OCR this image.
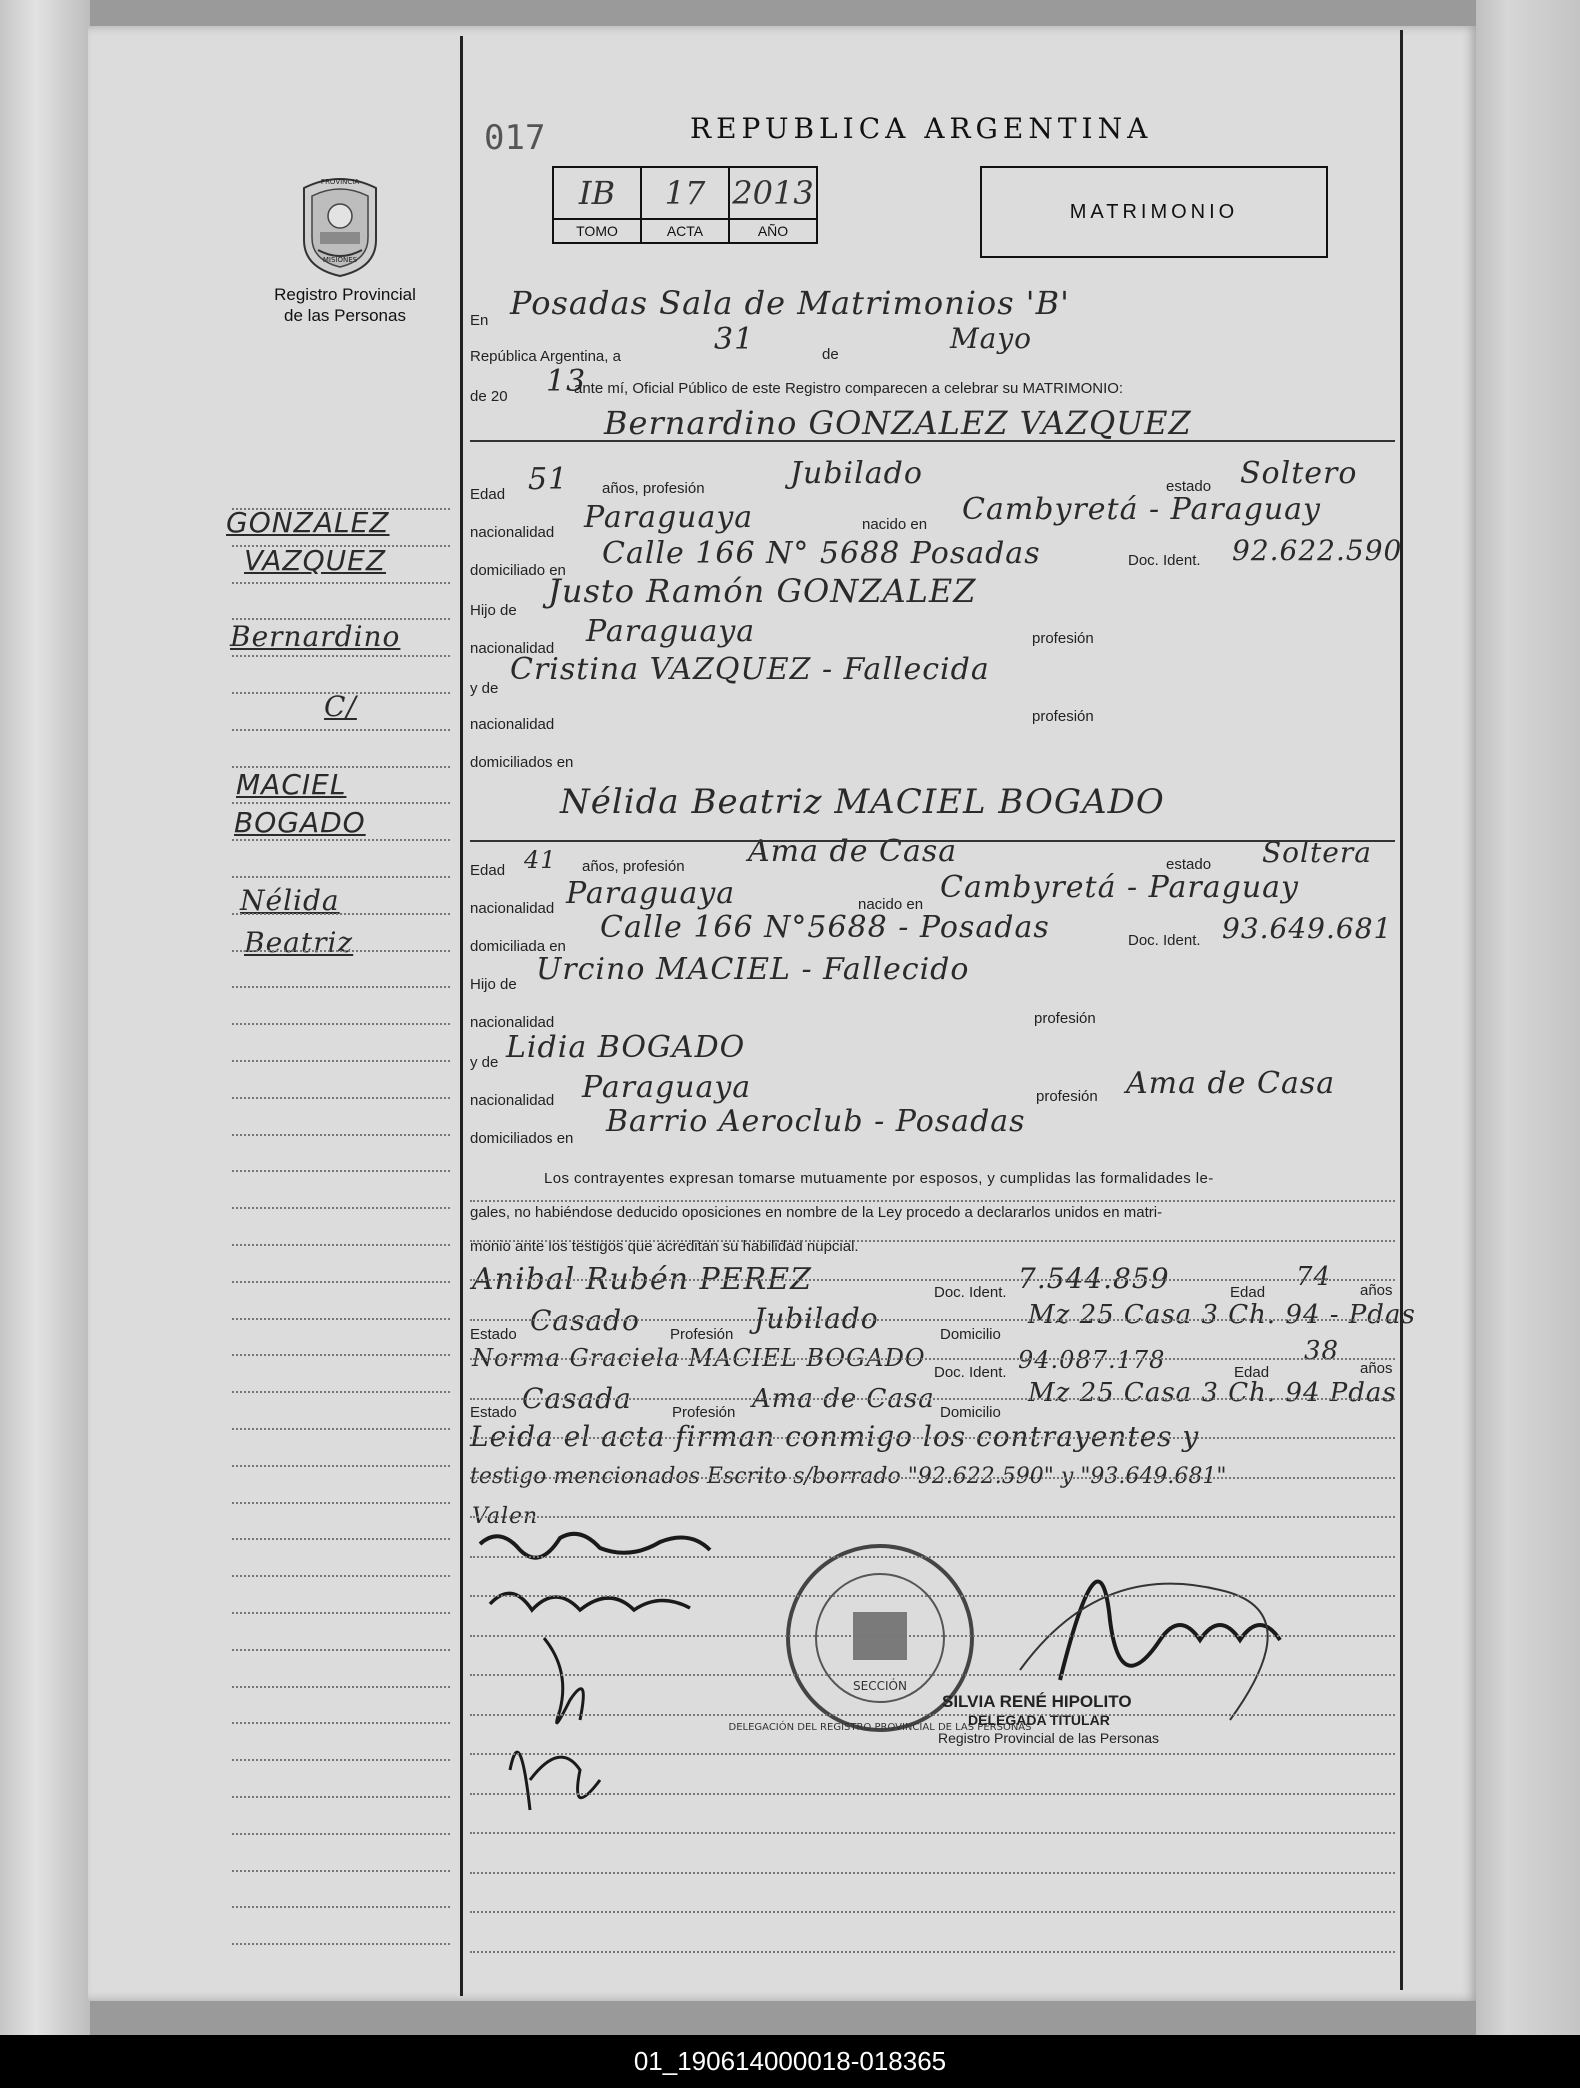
017	REPUBLICA ARGENTINA
IB	17	2013
TOMO	ACTA	AÑO
MATRIMONIO
PROVINCIA
MISIONES
Registro Provincial
de las Personas
GONZALEZ
VAZQUEZ
Bernardino
C/
MACIEL
BOGADO
Nélida
Beatriz
En Posadas Sala de Matrimonios 'B'
República Argentina, a	31	de	Mayo
de 20 13
ante mí, Oficial Público de este Registro comparecen a celebrar su MATRIMONIO:
Bernardino GONZALEZ VAZQUEZ
Edad 51 años, profesión	Jubilado	estado Soltero
nacionalidad Paraguaya	nacido en Cambyretá - Paraguay
domiciliado en Calle 166 N° 5688 Posadas	Doc. Ident. 92.622.590
Hijo de
Justo Ramón GONZALEZ
nacionalidad Paraguaya	profesión
y de
Cristina VAZQUEZ - Fallecida
nacionalidad	profesión
domiciliados en
Nélida Beatriz MACIEL BOGADO
Edad 41 años, profesión Ama de Casa	estado Soltera
nacionalidad Paraguaya	nacido en Cambyretá - Paraguay
domiciliada en
Calle 166 N°5688 - Posadas	Doc. Ident. 93.649.681
Hijo de Urcino MACIEL - Fallecido
nacionalidad	profesión
y de Lidia BOGADO
nacionalidad Paraguaya	profesión Ama de Casa
domiciliados en Barrio Aeroclub - Posadas
Los contrayentes expresan tomarse mutuamente por esposos, y cumplidas las formalidades le-
gales, no habiéndose deducido oposiciones en nombre de la Ley procedo a declararlos unidos en matri-
monio ante los testigos que acreditan su habilidad nupcial.
Anibal Rubén PEREZ	Doc. Ident. 7.544.859	Edad
74 años
Estado Casado Profesión Jubilado	Domicilio
Mz 25 Casa 3 Ch. 94 - Pdas
Norma Graciela MACIEL BOGADO
Doc. Ident. 94.087.178	Edad
38
años
Estado Casada	Profesión Ama de Casa Domicilio
Mz 25 Casa 3 Ch. 94 Pdas
Leida el acta firman conmigo los contrayentes y
testigo mencionados Escrito s/borrado "92.622.590" y "93.649.681"
Valen
DELEGACIÓN DEL REGISTRO PROVINCIAL DE LAS PERSONAS
SECCIÓN
SILVIA RENÉ HIPOLITO
DELEGADA TITULAR
Registro Provincial de las Personas
01_190614000018-018365
